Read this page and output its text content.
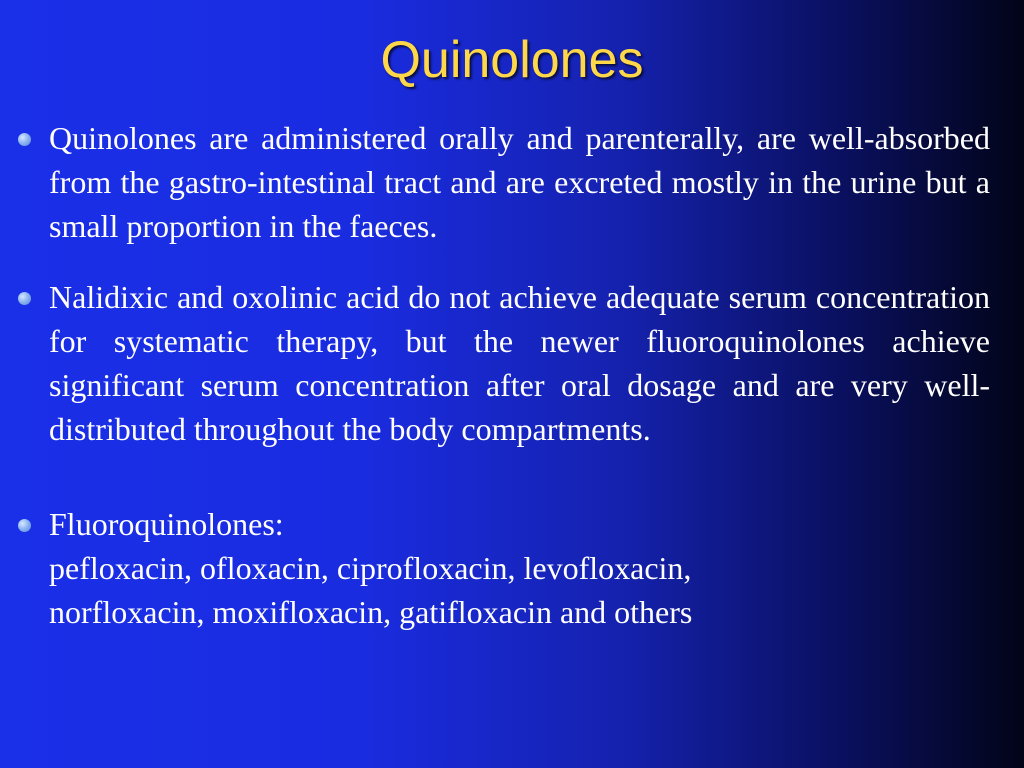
Quinolones
Quinolones are administered orally and parenterally, are well-absorbed from the gastro-intestinal tract and are excreted mostly in the urine but a small proportion in the faeces.
Nalidixic and oxolinic acid do not achieve adequate serum concentration for systematic therapy, but the newer fluoroquinolones achieve significant serum concentration after oral dosage and are very well-distributed throughout the body compartments.
Fluoroquinolones:
pefloxacin, ofloxacin, ciprofloxacin, levofloxacin,
norfloxacin, moxifloxacin, gatifloxacin and others
